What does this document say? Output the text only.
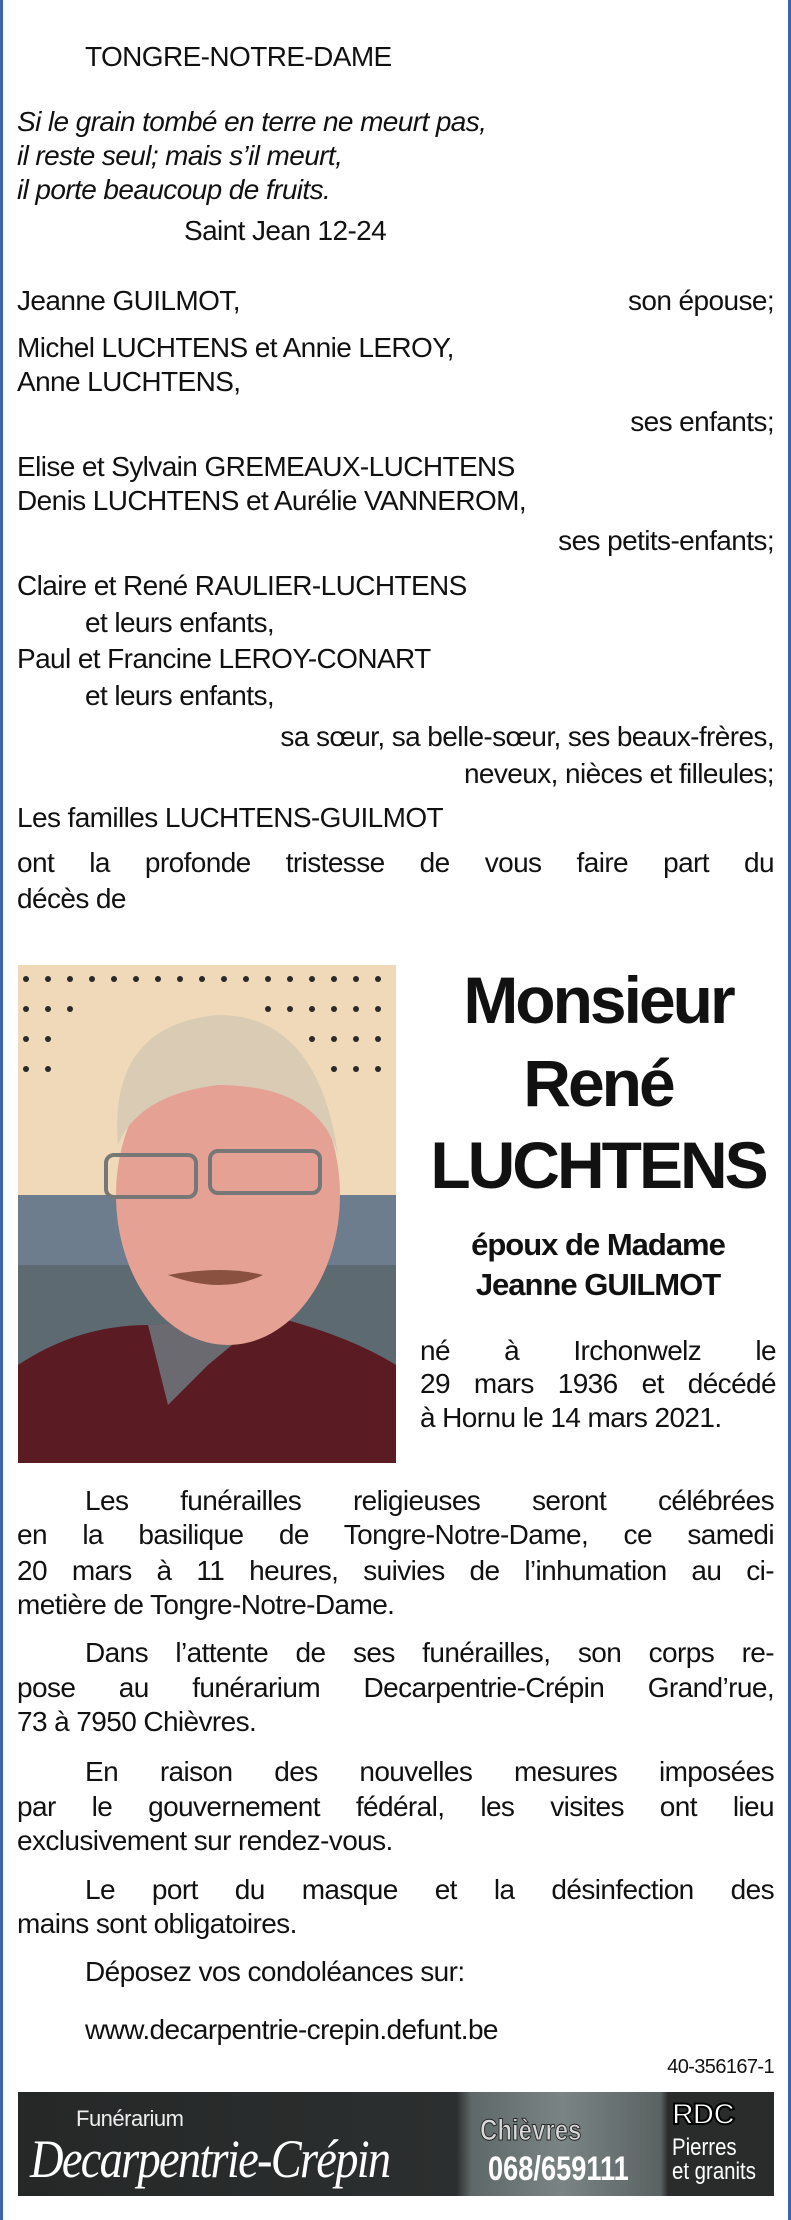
TONGRE-NOTRE-DAME
Si le grain tombé en terre ne meurt pas,
il reste seul; mais s’il meurt,
il porte beaucoup de fruits.
Saint Jean 12-24
Jeanne GUILMOT,	son épouse;
Michel LUCHTENS et Annie LEROY,
Anne LUCHTENS,
ses enfants;
Elise et Sylvain GREMEAUX-LUCHTENS
Denis LUCHTENS et Aurélie VANNEROM,
ses petits-enfants;
Claire et René RAULIER-LUCHTENS
et leurs enfants,
Paul et Francine LEROY-CONART
et leurs enfants,
sa sœur, sa belle-sœur, ses beaux-frères,
neveux, nièces et filleules;
Les familles LUCHTENS-GUILMOT
ont la profonde tristesse de vous faire part du
décès de
Monsieur
René
LUCHTENS
époux de Madame
Jeanne GUILMOT
né à Irchonwelz le
29 mars 1936 et décédé
à Hornu le 14 mars 2021.
Les funérailles religieuses seront célébrées
en la basilique de Tongre-Notre-Dame, ce samedi
20 mars à 11 heures, suivies de l’inhumation au ci-
metière de Tongre-Notre-Dame.
Dans l’attente de ses funérailles, son corps re-
pose au funérarium Decarpentrie-Crépin Grand’rue,
73 à 7950 Chièvres.
En raison des nouvelles mesures imposées
par le gouvernement fédéral, les visites ont lieu
exclusivement sur rendez-vous.
Le port du masque et la désinfection des
mains sont obligatoires.
Déposez vos condoléances sur:
www.decarpentrie-crepin.defunt.be
40-356167-1
Funérarium
Decarpentrie-Crépin	Chièvres
068/659111
RDC
Pierres
et granits
